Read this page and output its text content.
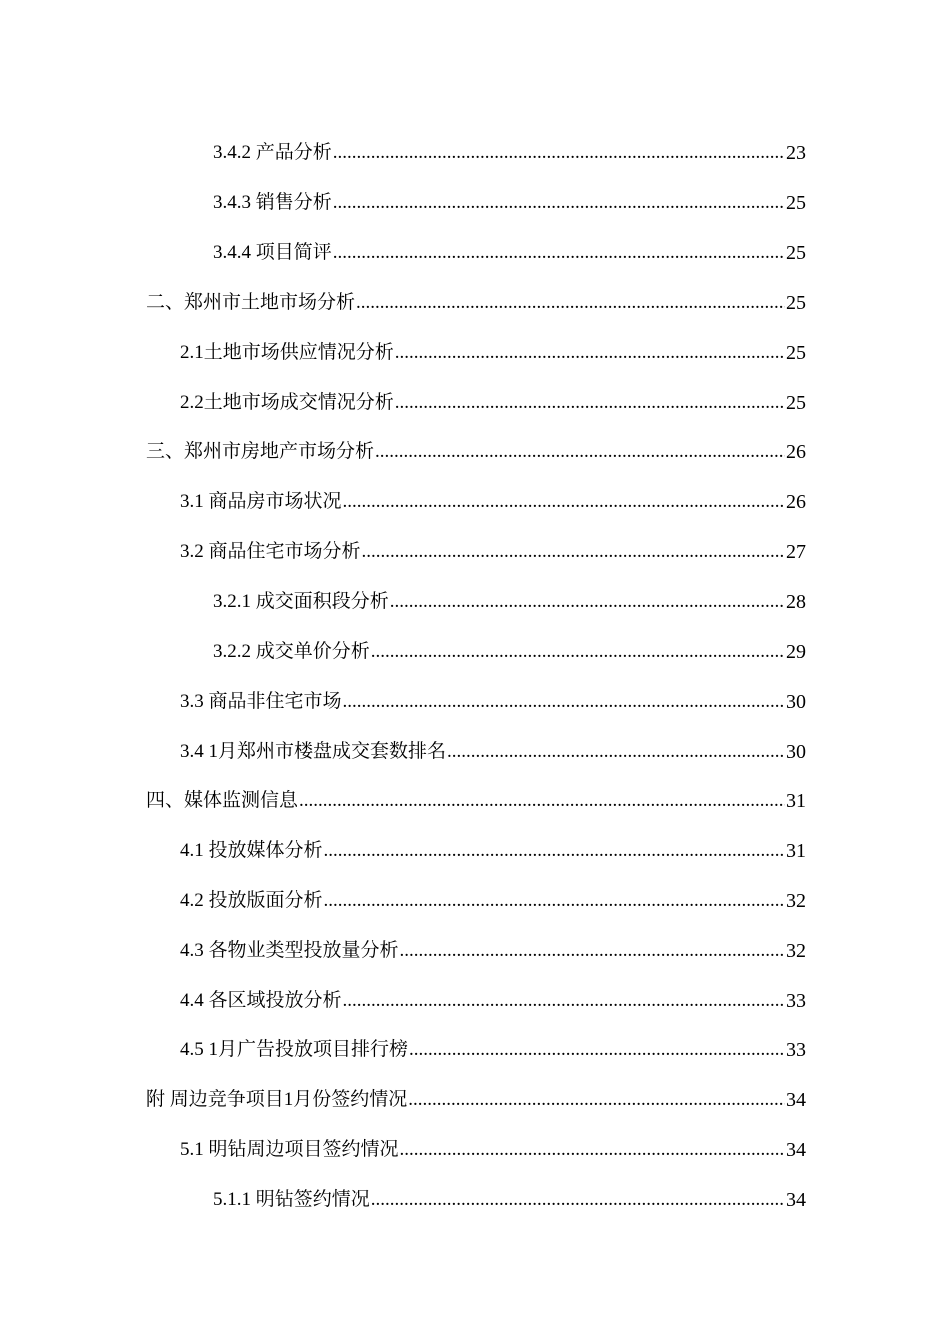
3.4.2 产品分析 .....	23
3.4.3 销售分析 .....	25
3.4.4 项目简评 .....	25
二、郑州市土地市场分析 .....	25
2.1土地市场供应情况分析 .....	25
2.2土地市场成交情况分析 .....	25
三、郑州市房地产市场分析 .....	26
3.1 商品房市场状况 .....	26
3.2 商品住宅市场分析 .....	27
3.2.1 成交面积段分析 .....	28
3.2.2 成交单价分析 .....	29
3.3 商品非住宅市场 .....	30
3.4 1月郑州市楼盘成交套数排名 .....	30
四、媒体监测信息 .....	31
4.1 投放媒体分析 .....	31
4.2 投放版面分析 .....	32
4.3 各物业类型投放量分析 .....	32
4.4 各区域投放分析 .....	33
4.5 1月广告投放项目排行榜 .....	33
附 周边竞争项目1月份签约情况 .....	34
5.1 明钻周边项目签约情况 .....	34
5.1.1 明钻签约情况 .....	34
